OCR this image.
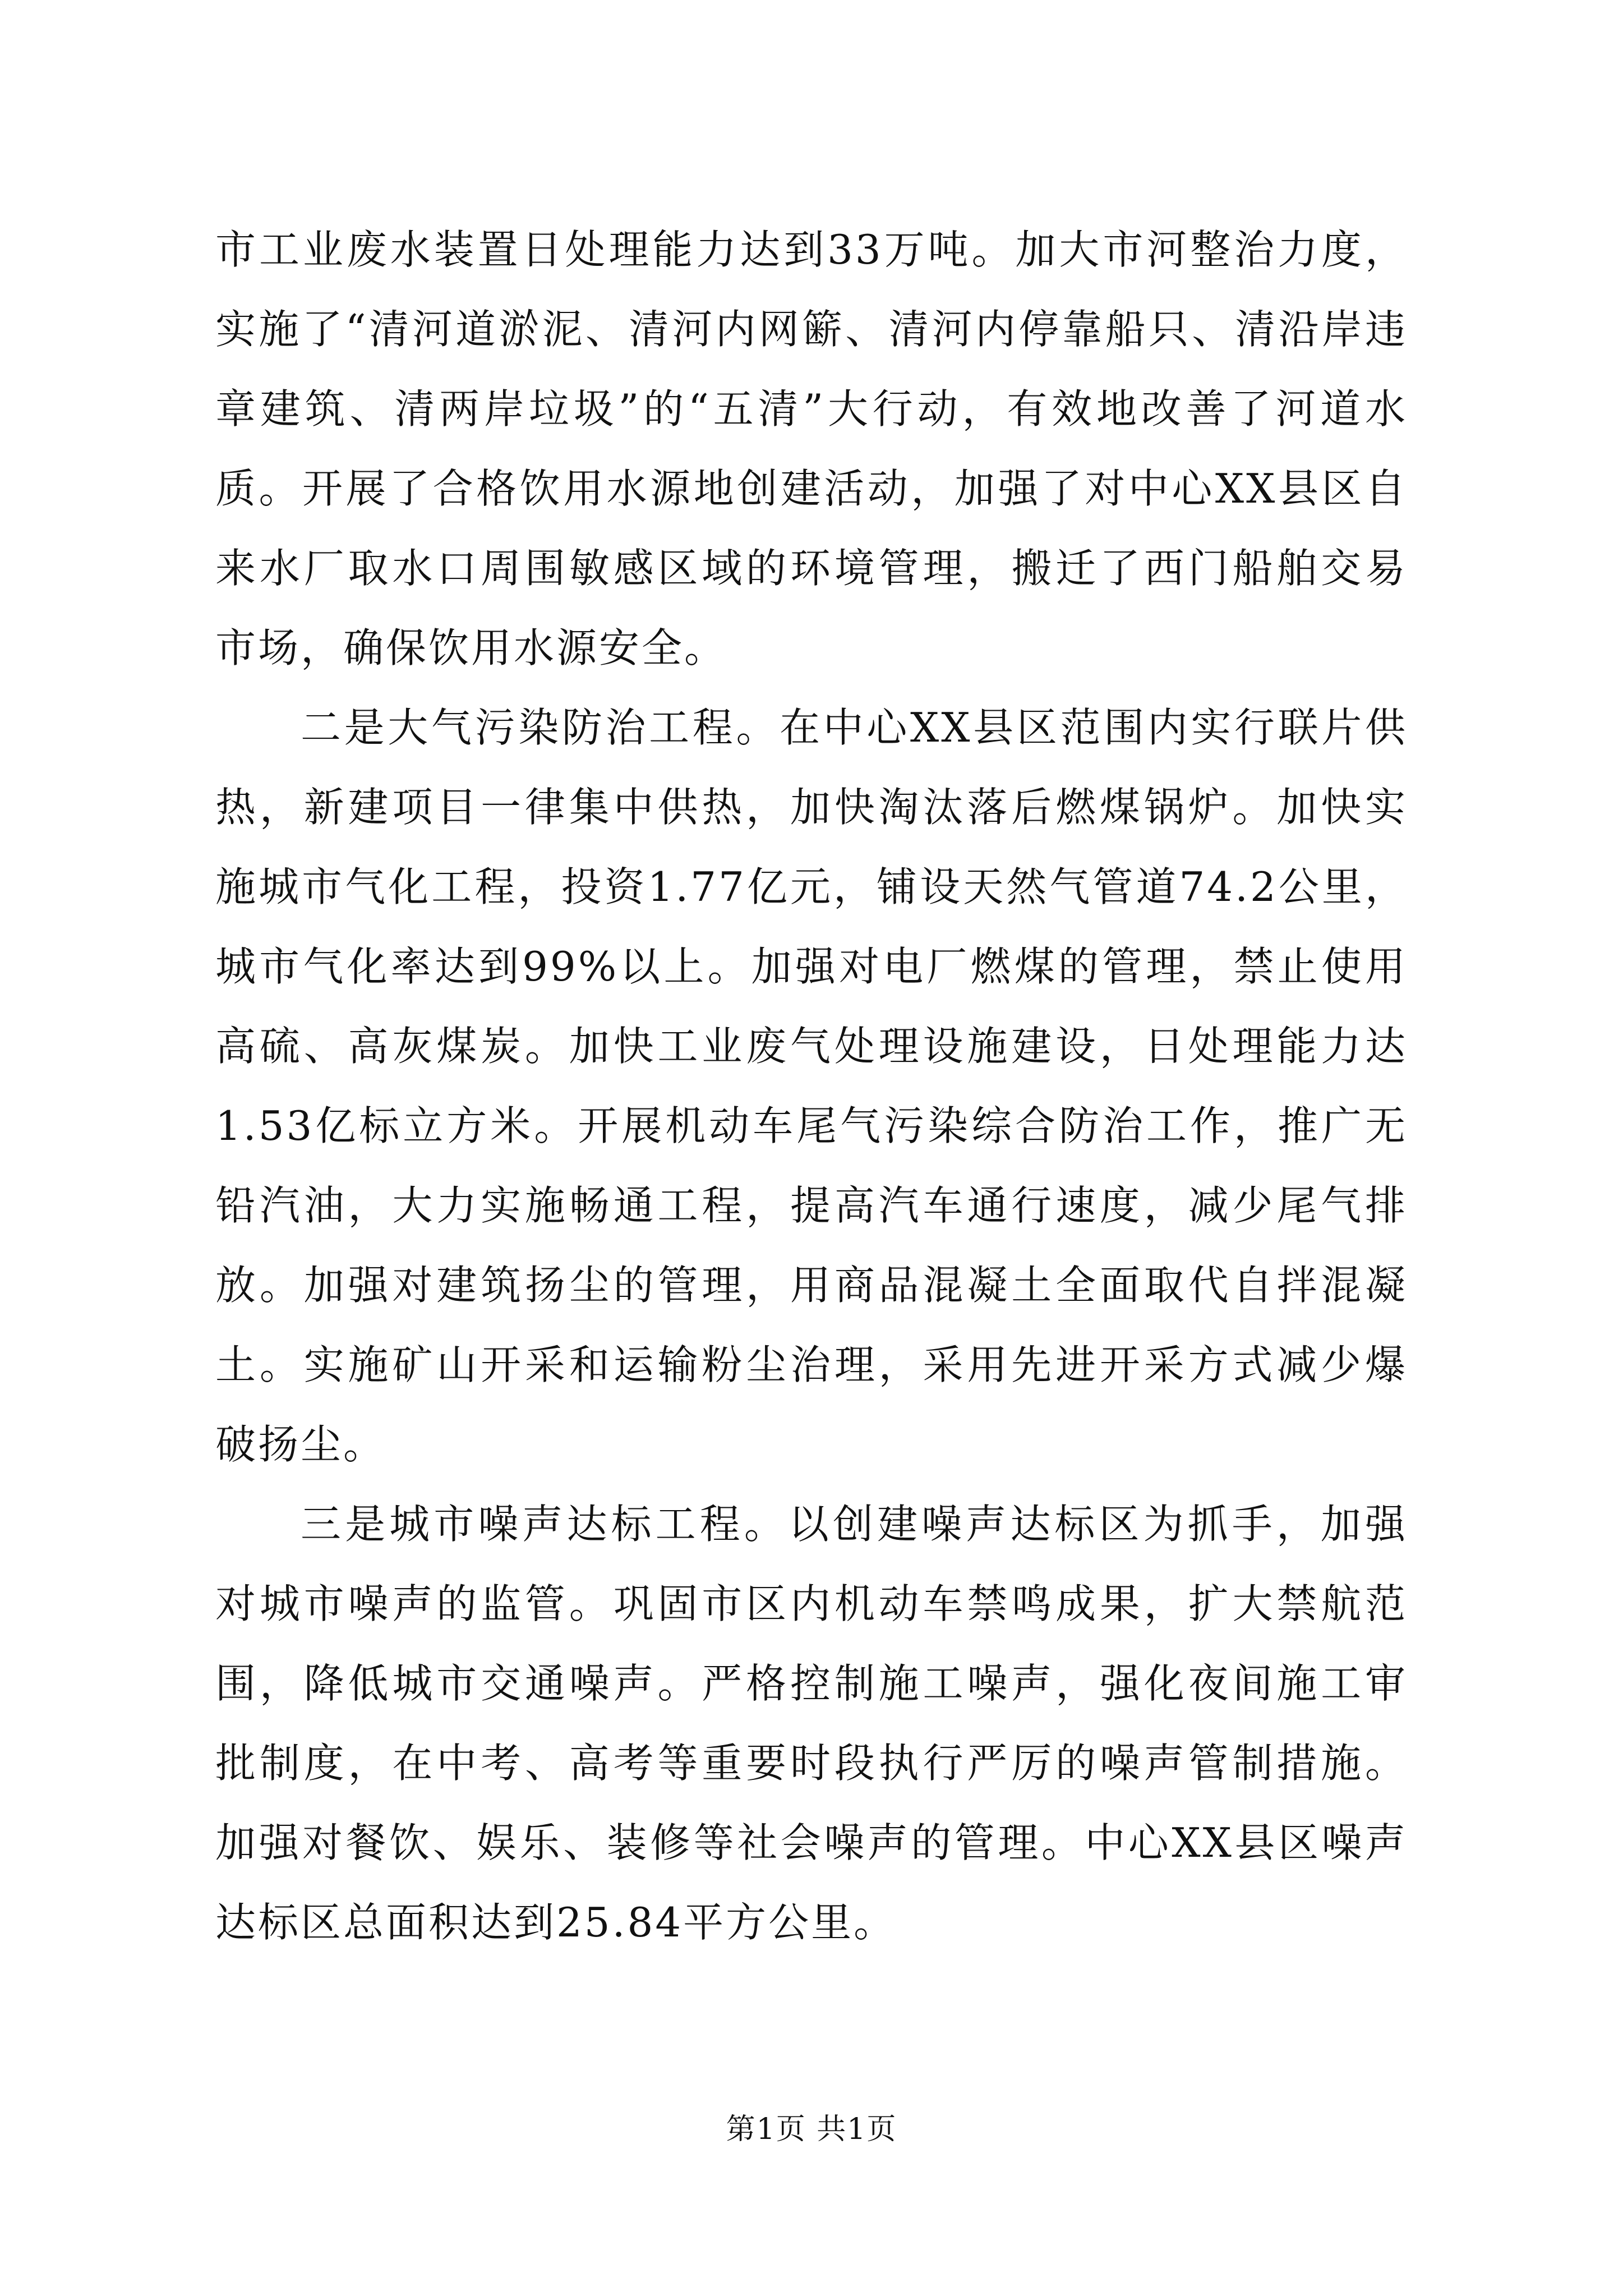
市工业废水装置日处理能力达到33万吨。加大市河整治力度，实施了“清河道淤泥、清河内网簖、清河内停靠船只、清沿岸违章建筑、清两岸垃圾”的“五清”大行动，有效地改善了河道水质。开展了合格饮用水源地创建活动，加强了对中心XX县区自来水厂取水口周围敏感区域的环境管理，搬迁了西门船舶交易市场，确保饮用水源安全。

二是大气污染防治工程。在中心XX县区范围内实行联片供热，新建项目一律集中供热，加快淘汰落后燃煤锅炉。加快实施城市气化工程，投资1.77亿元，铺设天然气管道74.2公里，城市气化率达到99%以上。加强对电厂燃煤的管理，禁止使用高硫、高灰煤炭。加快工业废气处理设施建设，日处理能力达1.53亿标立方米。开展机动车尾气污染综合防治工作，推广无铅汽油，大力实施畅通工程，提高汽车通行速度，减少尾气排放。加强对建筑扬尘的管理，用商品混凝土全面取代自拌混凝土。实施矿山开采和运输粉尘治理，采用先进开采方式减少爆破扬尘。

三是城市噪声达标工程。以创建噪声达标区为抓手，加强对城市噪声的监管。巩固市区内机动车禁鸣成果，扩大禁航范围，降低城市交通噪声。严格控制施工噪声，强化夜间施工审批制度，在中考、高考等重要时段执行严厉的噪声管制措施。加强对餐饮、娱乐、装修等社会噪声的管理。中心XX县区噪声达标区总面积达到25.84平方公里。

第1页 共1页
